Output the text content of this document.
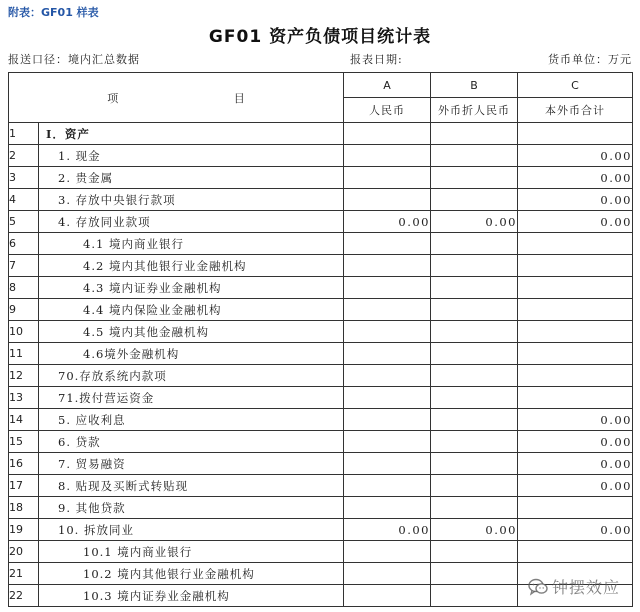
附表：GF01 样表
GF01 资产负债项目统计表
报送口径：境内汇总数据	报表日期:	货币单位：万元
项 目		A	B	C
		人民币	外币折人民币	本外币合计
1	Ⅰ．资产			
2	1. 现金			0.00
3	2. 贵金属			0.00
4	3. 存放中央银行款项			0.00
5	4. 存放同业款项	0.00	0.00	0.00
6	4.1 境内商业银行			
7	4.2 境内其他银行业金融机构			
8	4.3 境内证券业金融机构			
9	4.4 境内保险业金融机构			
10	4.5 境内其他金融机构			
11	4.6境外金融机构			
12	70.存放系统内款项			
13	71.拨付营运资金			
14	5. 应收利息			0.00
15	6. 贷款			0.00
16	7. 贸易融资			0.00
17	8. 贴现及买断式转贴现			0.00
18	9. 其他贷款			
19	10. 拆放同业	0.00	0.00	0.00
20	10.1 境内商业银行			
21	10.2 境内其他银行业金融机构			
22	10.3 境内证券业金融机构				钟摆效应
